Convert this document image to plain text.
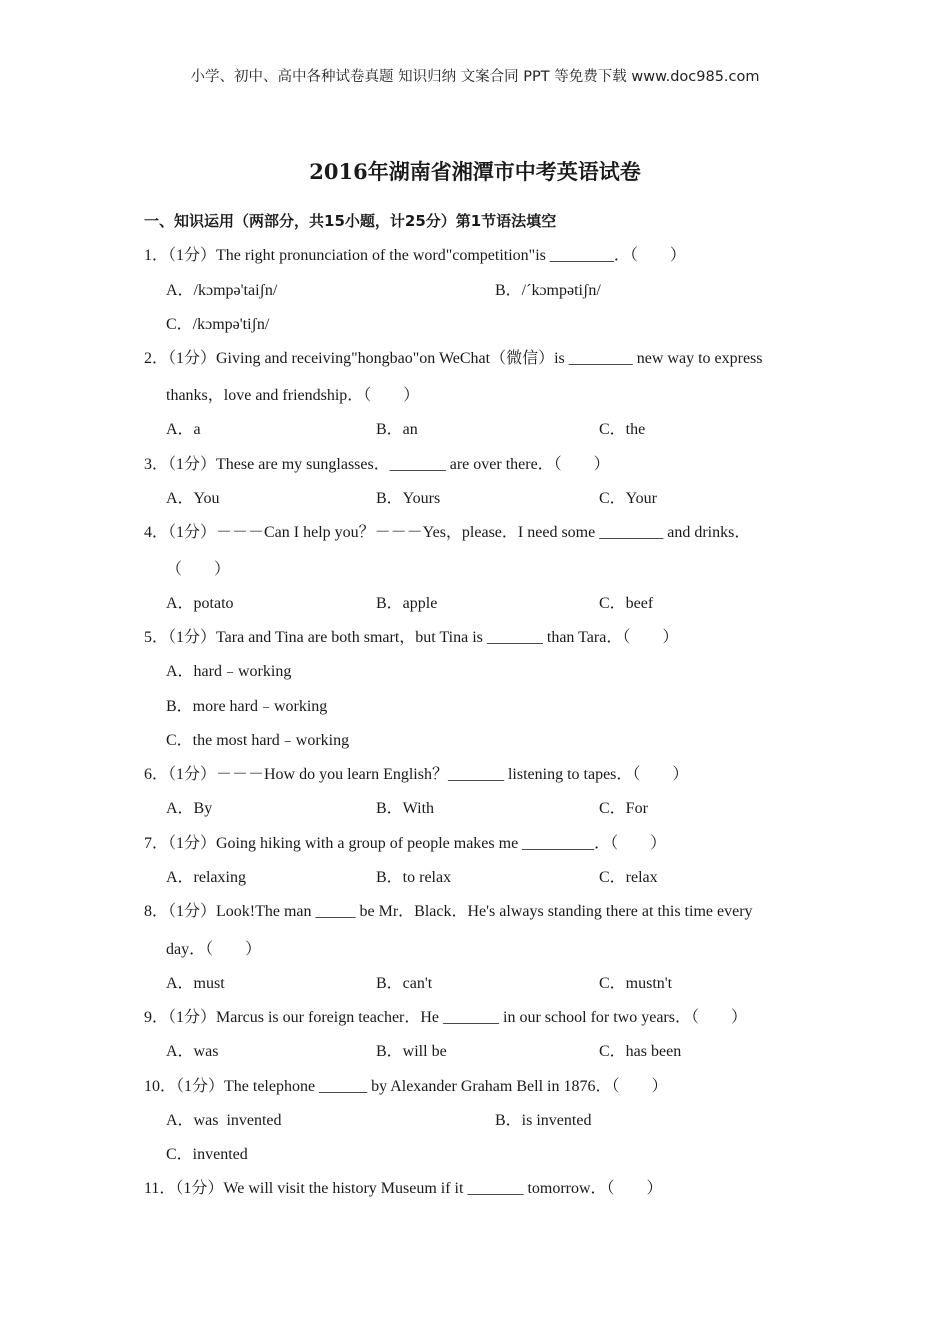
小学、初中、高中各种试卷真题 知识归纳 文案合同 PPT 等免费下载 www.doc985.com
2016年湖南省湘潭市中考英语试卷
一、知识运用（两部分，共15小题，计25分）第1节语法填空
1．（1分）The right pronunciation of the word"competition"is ________．（　　）
A．/kɔmpə'taiʃn/	B．/ˊkɔmpətiʃn/
C．/kɔmpə'tiʃn/
2．（1分）Giving and receiving"hongbao"on WeChat（微信）is ________ new way to express
thanks，love and friendship．（　　）
A．a	B．an	C．the
3．（1分）These are my sunglasses．_______ are over there．（　　）
A．You	B．Yours	C．Your
4．（1分）－－－Can I help you？－－－Yes，please．I need some ________ and drinks．
（　　）
A．potato	B．apple	C．beef
5．（1分）Tara and Tina are both smart，but Tina is _______ than Tara．（　　）
A．hard﹣working
B．more hard﹣working
C．the most hard﹣working
6．（1分）－－－How do you learn English？_______ listening to tapes．（　　）
A．By	B．With	C．For
7．（1分）Going hiking with a group of people makes me _________．（　　）
A．relaxing	B．to relax	C．relax
8．（1分）Look!The man _____ be Mr．Black．He's always standing there at this time every
day．（　　）
A．must	B．can't	C．mustn't
9．（1分）Marcus is our foreign teacher．He _______ in our school for two years．（　　）
A．was	B．will be	C．has been
10．（1分）The telephone ______ by Alexander Graham Bell in 1876．（　　）
A．was  invented	B．is invented
C．invented
11．（1分）We will visit the history Museum if it _______ tomorrow．（　　）
